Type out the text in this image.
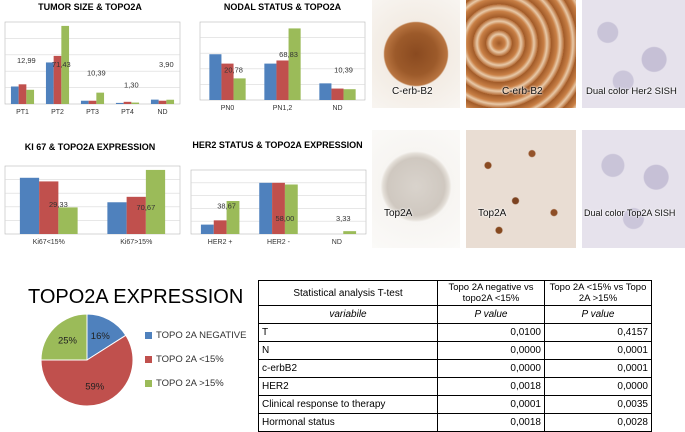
TUMOR SIZE & TOPO2A	NODAL STATUS & TOPO2A
KI 67 & TOPO2A EXPRESSION	HER2 STATUS & TOPO2A EXPRESSION
PT1
12,99
PT2
71,43
PT3
10,39
PT4
1,30
ND
3,90
PN0
20,78
PN1,2
68,83
ND
10,39
Ki67<15%
29,33
Ki67>15%
70,67
HER2 +
38,67
HER2 -
58,00
ND
3,33
C-erb-B2	C-erb-B2	Dual color Her2 SISH
Top2A	Top2A	Dual color Top2A SISH
TOPO2A EXPRESSION
16%
59%
25%	TOPO 2A NEGATIVE
TOPO 2A <15%
TOPO 2A >15%
Statistical analysis T-test	Topo 2A negative vs topo2A <15%	Topo 2A <15% vs Topo 2A >15%
variabile	P value	P value
T	0,0100	0,4157
N	0,0000	0,0001
c-erbB2	0,0000	0,0001
HER2	0,0018	0,0000
Clinical response to therapy	0,0001	0,0035
Hormonal status	0,0018	0,0028
